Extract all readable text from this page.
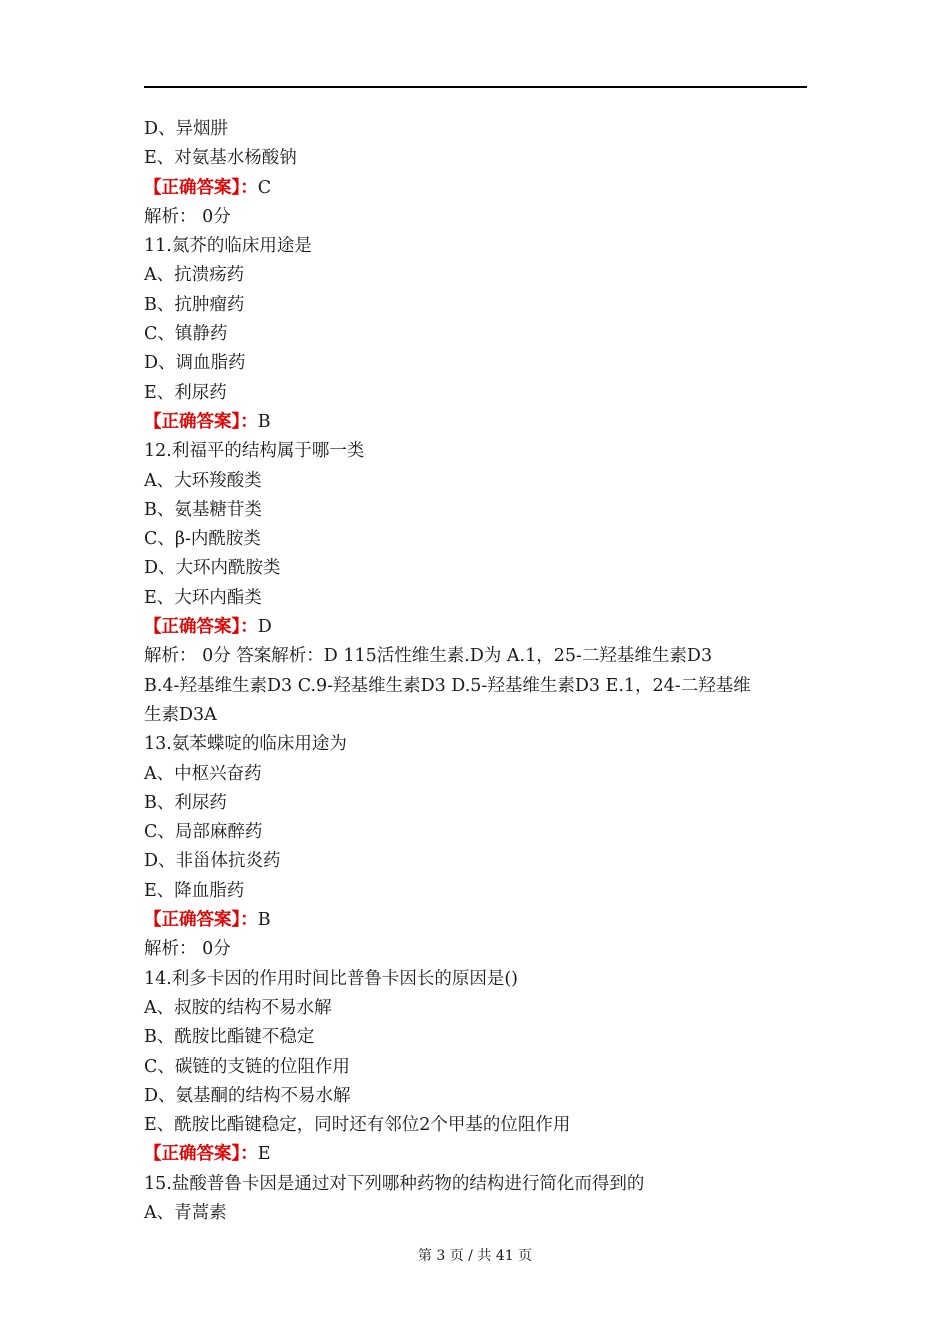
D、异烟肼
E、对氨基水杨酸钠
【正确答案】：C
解析： 0分
11.氮芥的临床用途是
A、抗溃疡药
B、抗肿瘤药
C、镇静药
D、调血脂药
E、利尿药
【正确答案】：B
12.利福平的结构属于哪一类
A、大环羧酸类
B、氨基糖苷类
C、β-内酰胺类
D、大环内酰胺类
E、大环内酯类
【正确答案】：D
解析： 0分 答案解析：D 115活性维生素.D为 A.1，25-二羟基维生素D3
B.4-羟基维生素D3 C.9-羟基维生素D3 D.5-羟基维生素D3 E.1，24-二羟基维
生素D3A
13.氨苯蝶啶的临床用途为
A、中枢兴奋药
B、利尿药
C、局部麻醉药
D、非甾体抗炎药
E、降血脂药
【正确答案】：B
解析： 0分
14.利多卡因的作用时间比普鲁卡因长的原因是()
A、叔胺的结构不易水解
B、酰胺比酯键不稳定
C、碳链的支链的位阻作用
D、氨基酮的结构不易水解
E、酰胺比酯键稳定，同时还有邻位2个甲基的位阻作用
【正确答案】：E
15.盐酸普鲁卡因是通过对下列哪种药物的结构进行简化而得到的
A、青蒿素
第 3 页 / 共 41 页
